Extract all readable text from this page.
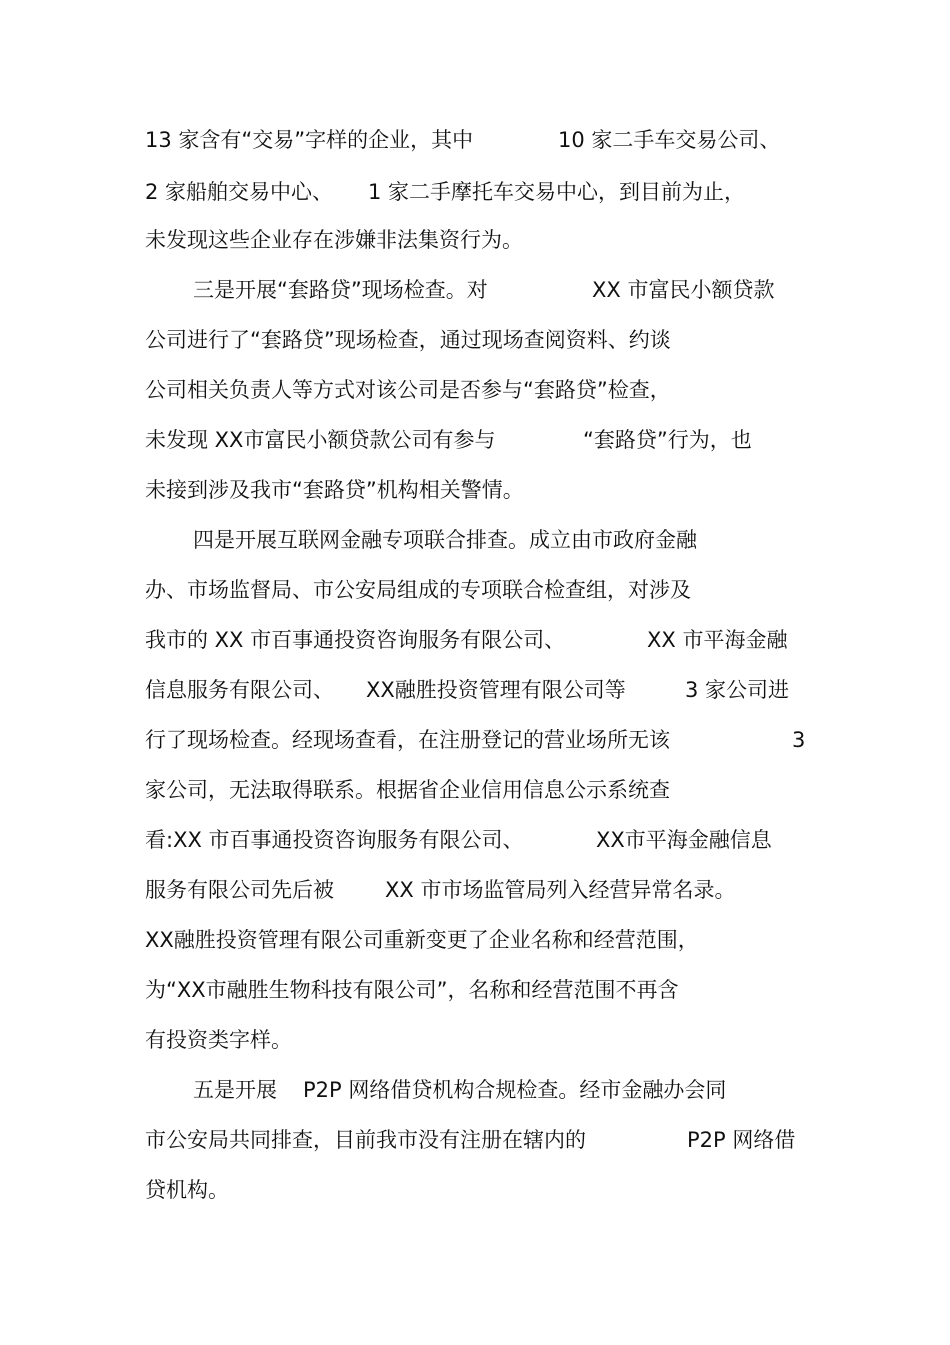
13 家含有“交易”字样的企业，其中

	10 家二手车交易公司、

2 家船舶交易中心、

1 家二手摩托车交易中心，到目前为止，

未发现这些企业存在涉嫌非法集资行为。

三是开展“套路贷”现场检查。对

	XX 市富民小额贷款

公司进行了“套路贷”现场检查，通过现场查阅资料、约谈

公司相关负责人等方式对该公司是否参与“套路贷”检查，

未发现 XX市富民小额贷款公司有参与

	“套路贷”行为，也

未接到涉及我市“套路贷”机构相关警情。

四是开展互联网金融专项联合排查。成立由市政府金融

办、市场监督局、市公安局组成的专项联合检查组，对涉及

我市的 XX 市百事通投资咨询服务有限公司、

	XX 市平海金融

信息服务有限公司、

XX融胜投资管理有限公司等

	3 家公司进

行了现场检查。经现场查看，在注册登记的营业场所无该

	3

家公司，无法取得联系。根据省企业信用信息公示系统查

看:XX 市百事通投资咨询服务有限公司、

	XX市平海金融信息

服务有限公司先后被

XX 市市场监管局列入经营异常名录。

XX融胜投资管理有限公司重新变更了企业名称和经营范围，

为“XX市融胜生物科技有限公司”，名称和经营范围不再含

有投资类字样。

五是开展

P2P 网络借贷机构合规检查。经市金融办会同

市公安局共同排查，目前我市没有注册在辖内的

	P2P 网络借

贷机构。
